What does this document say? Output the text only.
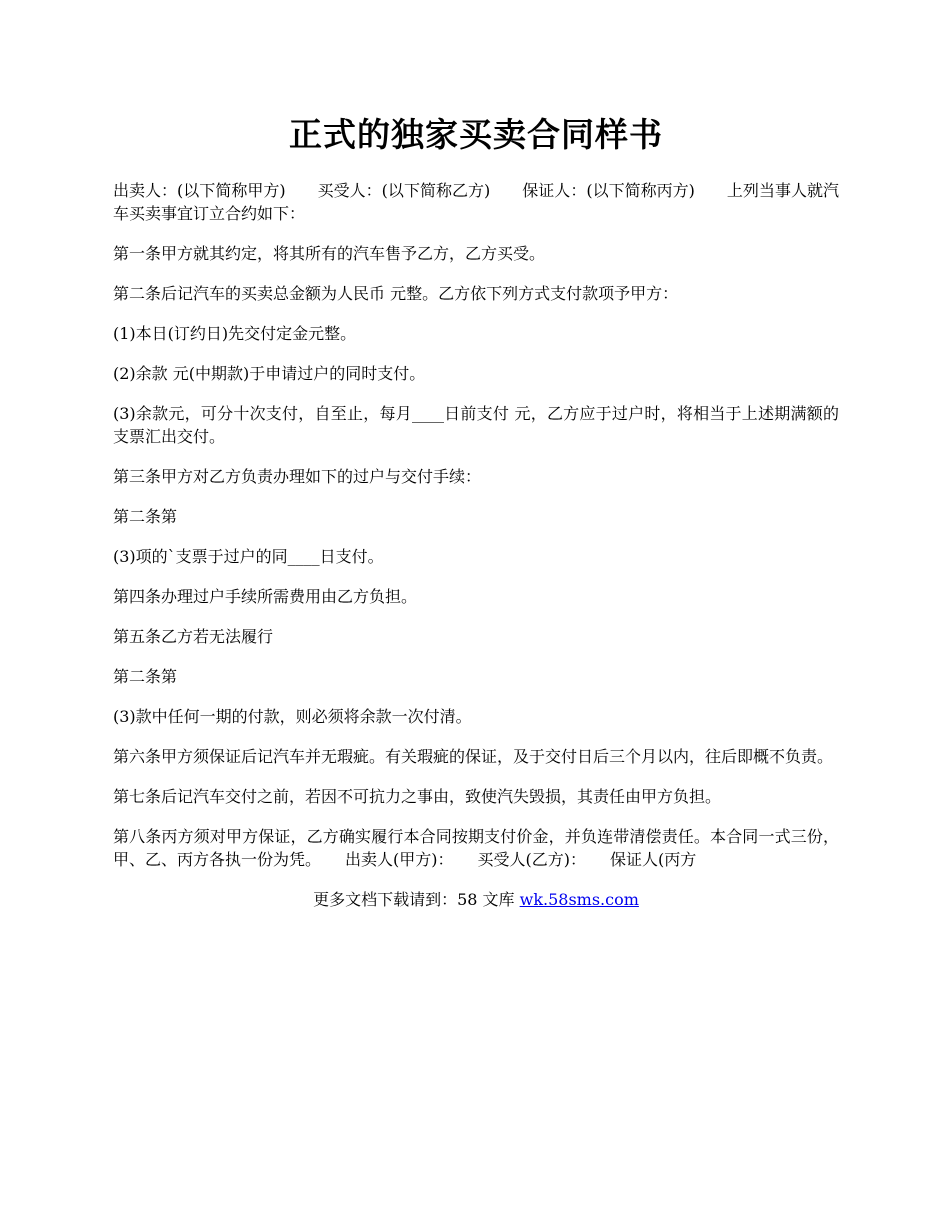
正式的独家买卖合同样书

出卖人：(以下简称甲方)　　买受人：(以下简称乙方)　　保证人：(以下简称丙方)　　上列当事人就汽车买卖事宜订立合约如下：

第一条甲方就其约定，将其所有的汽车售予乙方，乙方买受。

第二条后记汽车的买卖总金额为人民币 元整。乙方依下列方式支付款项予甲方：

(1)本日(订约日)先交付定金元整。

(2)余款 元(中期款)于申请过户的同时支付。

(3)余款元，可分十次支付，自至止，每月____日前支付 元，乙方应于过户时，将相当于上述期满额的支票汇出交付。

第三条甲方对乙方负责办理如下的过户与交付手续：

第二条第

(3)项的`支票于过户的同____日支付。

第四条办理过户手续所需费用由乙方负担。

第五条乙方若无法履行

第二条第

(3)款中任何一期的付款，则必须将余款一次付清。

第六条甲方须保证后记汽车并无瑕疵。有关瑕疵的保证，及于交付日后三个月以内，往后即概不负责。

第七条后记汽车交付之前，若因不可抗力之事由，致使汽失毁损，其责任由甲方负担。

第八条丙方须对甲方保证，乙方确实履行本合同按期支付价金，并负连带清偿责任。本合同一式三份，甲、乙、丙方各执一份为凭。　　出卖人(甲方)：　　买受人(乙方)：　　保证人(丙方

更多文档下载请到：58 文库 wk.58sms.com
